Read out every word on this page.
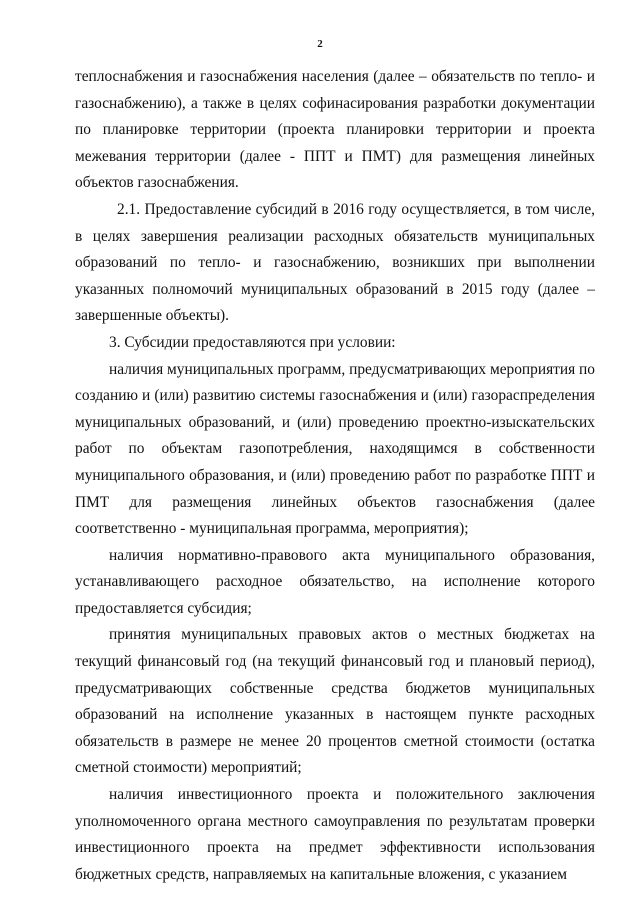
2

теплоснабжения и газоснабжения населения (далее – обязательств по тепло- и газоснабжению), а также в целях софинасирования разработки документации по планировке территории (проекта планировки территории и проекта межевания территории (далее - ППТ и ПМТ) для размещения линейных объектов газоснабжения.

2.1. Предоставление субсидий в 2016 году осуществляется, в том числе, в целях завершения реализации расходных обязательств муниципальных образований по тепло- и газоснабжению, возникших при выполнении указанных полномочий муниципальных образований в 2015 году (далее – завершенные объекты).

3. Субсидии предоставляются при условии:

наличия муниципальных программ, предусматривающих мероприятия по созданию и (или) развитию системы газоснабжения и (или) газораспределения муниципальных образований, и (или) проведению проектно-изыскательских работ по объектам газопотребления, находящимся в собственности муниципального образования, и (или) проведению работ по разработке ППТ и ПМТ для размещения линейных объектов газоснабжения (далее соответственно - муниципальная программа, мероприятия);

наличия нормативно-правового акта муниципального образования, устанавливающего расходное обязательство, на исполнение которого предоставляется субсидия;

принятия муниципальных правовых актов о местных бюджетах на текущий финансовый год (на текущий финансовый год и плановый период), предусматривающих собственные средства бюджетов муниципальных образований на исполнение указанных в настоящем пункте расходных обязательств в размере не менее 20 процентов сметной стоимости (остатка сметной стоимости) мероприятий;

наличия инвестиционного проекта и положительного заключения уполномоченного органа местного самоуправления по результатам проверки инвестиционного проекта на предмет эффективности использования бюджетных средств, направляемых на капитальные вложения, с указанием
